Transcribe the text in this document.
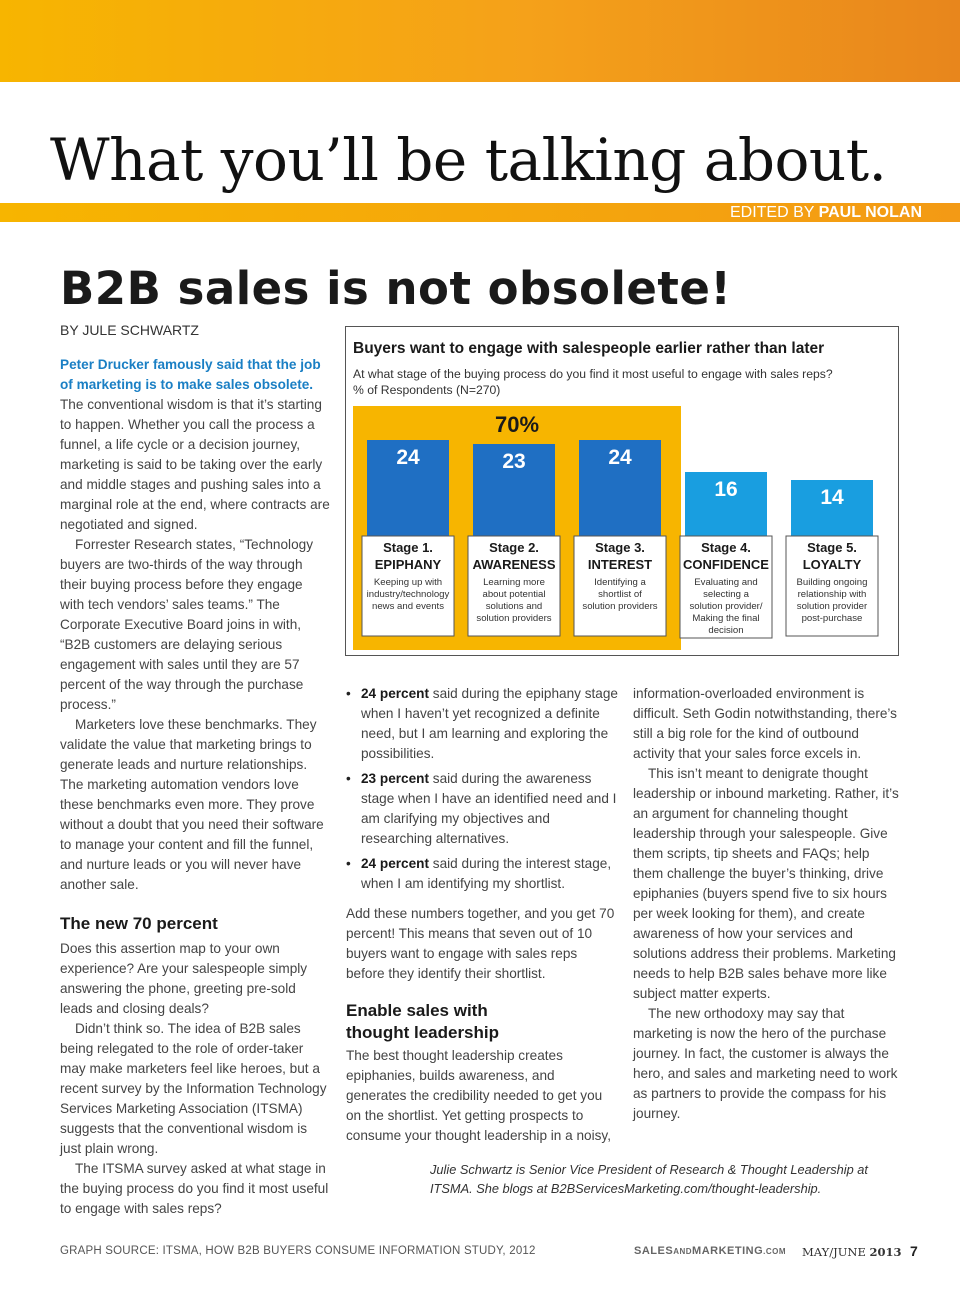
What you’ll be talking about.
EDITED BY PAUL NOLAN
B2B sales is not obsolete!
BY JULE SCHWARTZ

Peter Drucker famously said that the job of marketing is to make sales obsolete. The conventional wisdom is that it’s starting to happen. Whether you call the process a funnel, a life cycle or a decision journey, marketing is said to be taking over the early and middle stages and pushing sales into a marginal role at the end, where contracts are negotiated and signed.

Forrester Research states, “Technology buyers are two-thirds of the way through their buying process before they engage with tech vendors’ sales teams.” The Corporate Executive Board joins in with, “B2B customers are delaying serious engagement with sales until they are 57 percent of the way through the purchase process.”

Marketers love these benchmarks. They validate the value that marketing brings to generate leads and nurture relationships. The marketing automation vendors love these benchmarks even more. They prove without a doubt that you need their software to manage your content and fill the funnel, and nurture leads or you will never have another sale.

The new 70 percent

Does this assertion map to your own experience? Are your salespeople simply answering the phone, greeting pre-sold leads and closing deals?

Didn’t think so. The idea of B2B sales being relegated to the role of order-taker may make marketers feel like heroes, but a recent survey by the Information Technology Services Marketing Association (ITSMA) suggests that the conventional wisdom is just plain wrong.

The ITSMA survey asked at what stage in the buying process do you find it most useful to engage with sales reps?

Buyers want to engage with salespeople earlier rather than later
At what stage of the buying process do you find it most useful to engage with sales reps?
% of Respondents (N=270)
70%
24
Stage 1.
EPIPHANY
Keeping up with
industry/technology
news and events
23
Stage 2.
AWARENESS
Learning more
about potential
solutions and
solution providers
24
Stage 3.
INTEREST
Identifying a
shortlist of
solution providers
16
Stage 4.
CONFIDENCE
Evaluating and
selecting a
solution provider/
Making the final
decision
14
Stage 5.
LOYALTY
Building ongoing
relationship with
solution provider
post-purchase
• 24 percent said during the epiphany stage when I haven’t yet recognized a definite need, but I am learning and exploring the possibilities.
• 23 percent said during the awareness stage when I have an identified need and I am clarifying my objectives and researching alternatives.
• 24 percent said during the interest stage, when I am identifying my shortlist.

Add these numbers together, and you get 70 percent! This means that seven out of 10 buyers want to engage with sales reps before they identify their shortlist.

Enable sales with thought leadership

The best thought leadership creates epiphanies, builds awareness, and generates the credibility needed to get you on the shortlist. Yet getting prospects to consume your thought leadership in a noisy,

information-overloaded environment is difficult. Seth Godin notwithstanding, there’s still a big role for the kind of outbound activity that your sales force excels in.

This isn’t meant to denigrate thought leadership or inbound marketing. Rather, it’s an argument for channeling thought leadership through your salespeople. Give them scripts, tip sheets and FAQs; help them challenge the buyer’s thinking, drive epiphanies (buyers spend five to six hours per week looking for them), and create awareness of how your services and solutions address their problems. Marketing needs to help B2B sales behave more like subject matter experts.

The new orthodoxy may say that marketing is now the hero of the purchase journey. In fact, the customer is always the hero, and sales and marketing need to work as partners to provide the compass for his journey.

Julie Schwartz is Senior Vice President of Research & Thought Leadership at ITSMA. She blogs at B2BServicesMarketing.com/thought-leadership.
GRAPH SOURCE: ITSMA, HOW B2B BUYERS CONSUME INFORMATION STUDY, 2012	SALESANDMARKETING.COM MAY/JUNE 2013 7
